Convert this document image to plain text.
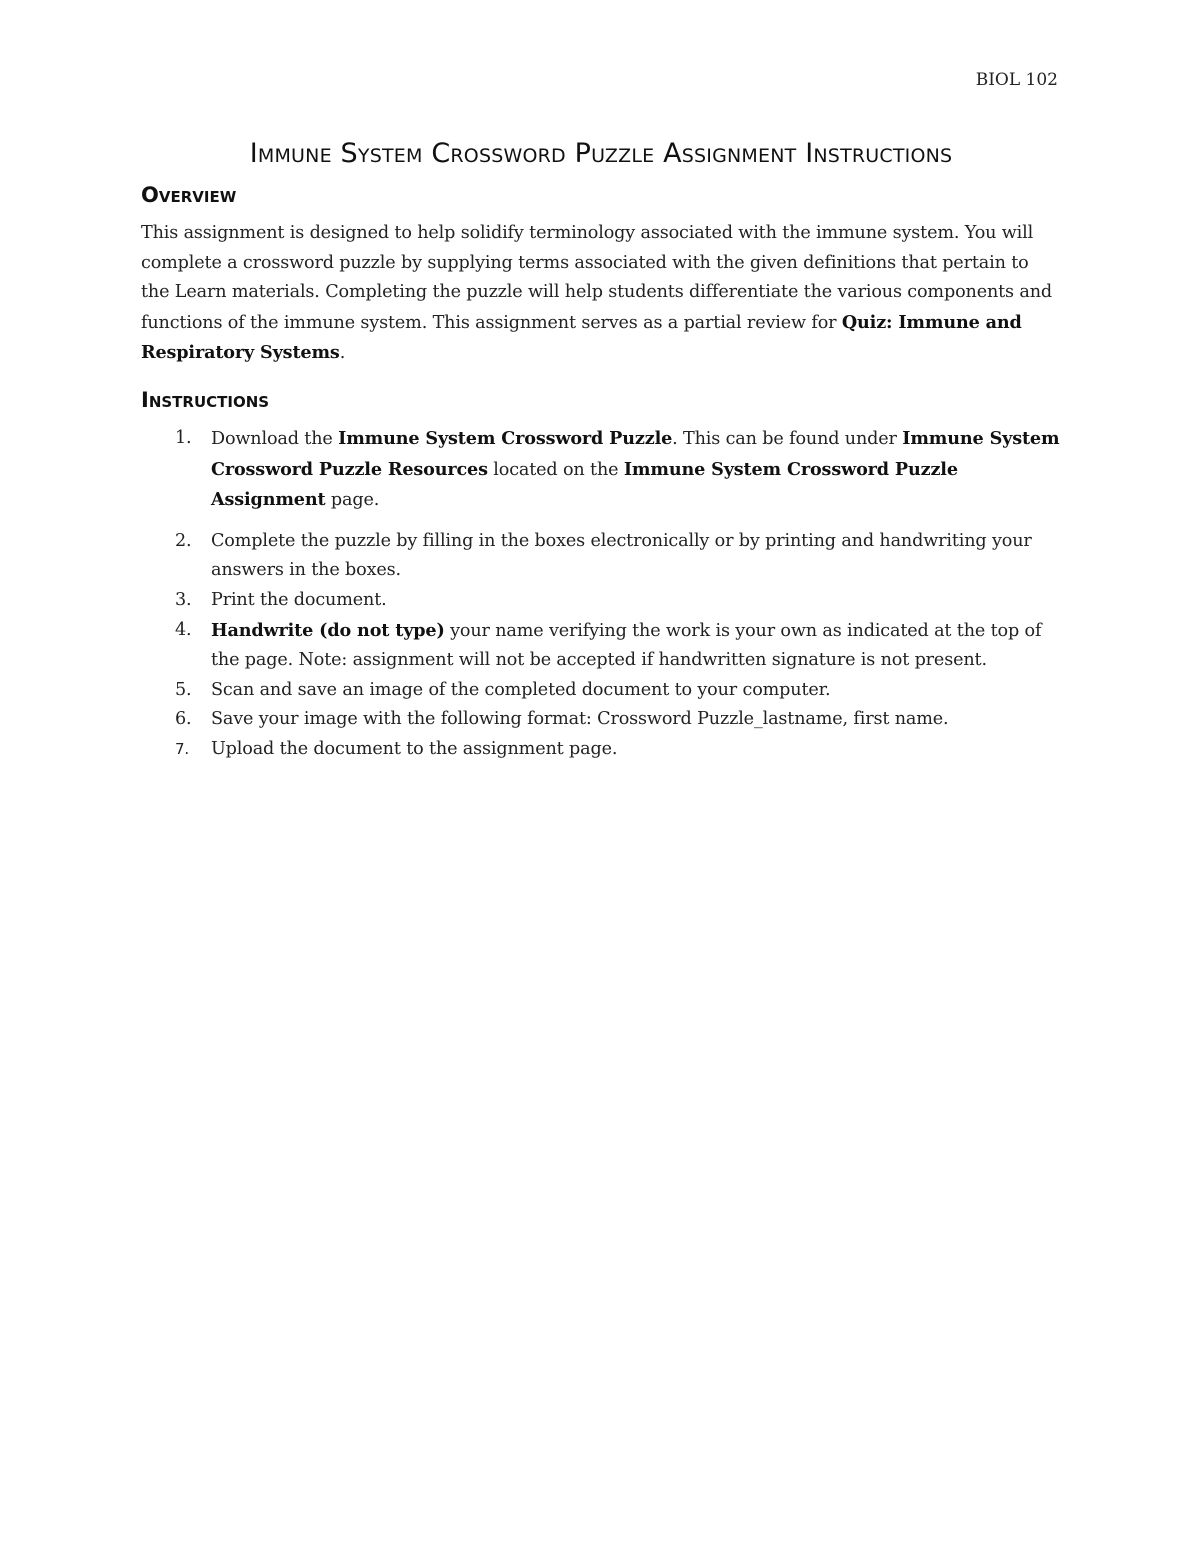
BIOL 102
Immune System Crossword Puzzle Assignment Instructions
Overview

This assignment is designed to help solidify terminology associated with the immune system. You will complete a crossword puzzle by supplying terms associated with the given definitions that pertain to the Learn materials. Completing the puzzle will help students differentiate the various components and functions of the immune system. This assignment serves as a partial review for Quiz: Immune and Respiratory Systems.

Instructions
1. Download the Immune System Crossword Puzzle. This can be found under Immune System Crossword Puzzle Resources located on the Immune System Crossword Puzzle Assignment page.
2. Complete the puzzle by filling in the boxes electronically or by printing and handwriting your answers in the boxes.
3. Print the document.
4. Handwrite (do not type) your name verifying the work is your own as indicated at the top of the page. Note: assignment will not be accepted if handwritten signature is not present.
5. Scan and save an image of the completed document to your computer.
6. Save your image with the following format: Crossword Puzzle_lastname, first name.
7. Upload the document to the assignment page.
